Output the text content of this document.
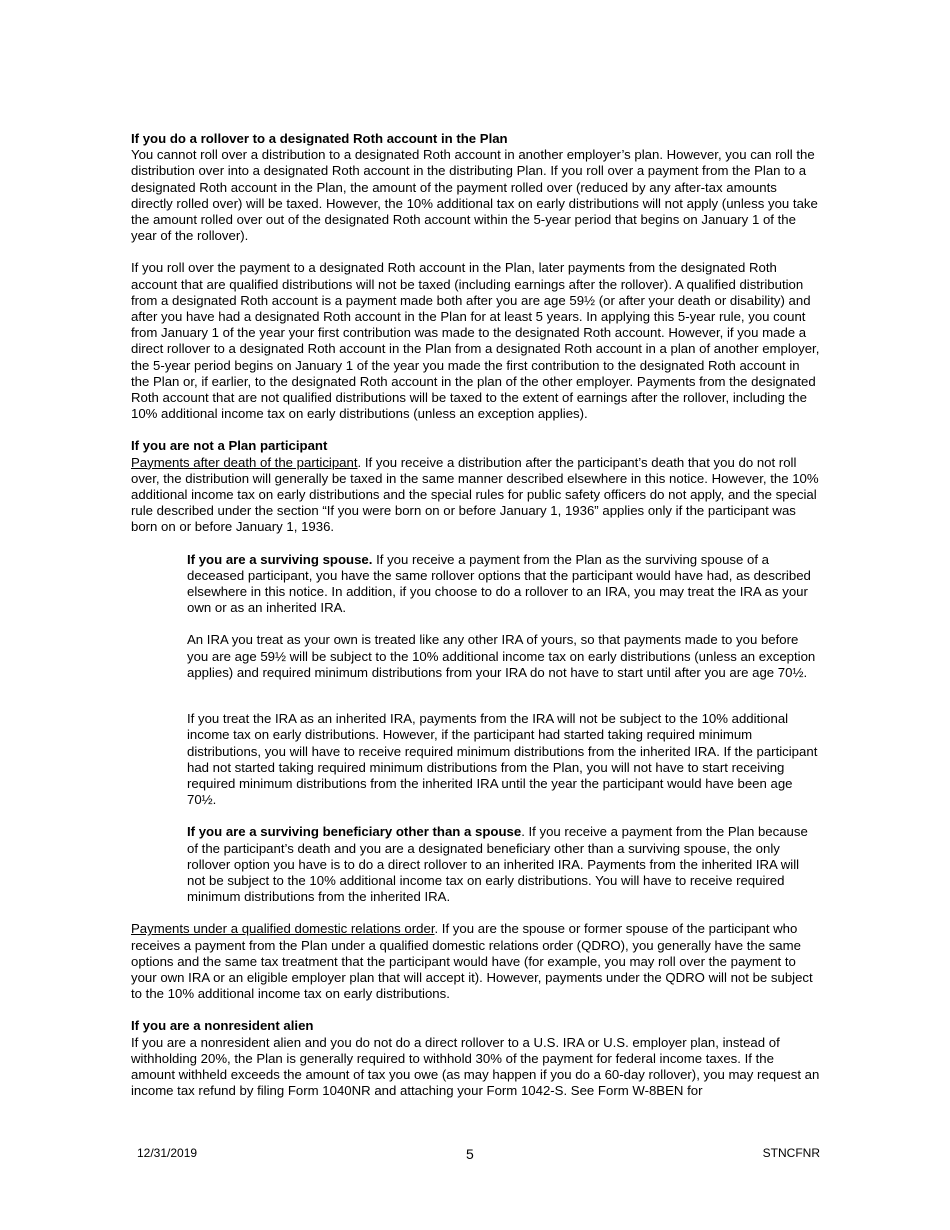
If you do a rollover to a designated Roth account in the Plan

You cannot roll over a distribution to a designated Roth account in another employer’s plan. However, you can roll the distribution over into a designated Roth account in the distributing Plan. If you roll over a payment from the Plan to a designated Roth account in the Plan, the amount of the payment rolled over (reduced by any after-tax amounts directly rolled over) will be taxed. However, the 10% additional tax on early distributions will not apply (unless you take the amount rolled over out of the designated Roth account within the 5-year period that begins on January 1 of the year of the rollover).

If you roll over the payment to a designated Roth account in the Plan, later payments from the designated Roth account that are qualified distributions will not be taxed (including earnings after the rollover). A qualified distribution from a designated Roth account is a payment made both after you are age 59½ (or after your death or disability) and after you have had a designated Roth account in the Plan for at least 5 years. In applying this 5-year rule, you count from January 1 of the year your first contribution was made to the designated Roth account. However, if you made a direct rollover to a designated Roth account in the Plan from a designated Roth account in a plan of another employer, the 5-year period begins on January 1 of the year you made the first contribution to the designated Roth account in the Plan or, if earlier, to the designated Roth account in the plan of the other employer. Payments from the designated Roth account that are not qualified distributions will be taxed to the extent of earnings after the rollover, including the 10% additional income tax on early distributions (unless an exception applies).

If you are not a Plan participant

Payments after death of the participant. If you receive a distribution after the participant’s death that you do not roll over, the distribution will generally be taxed in the same manner described elsewhere in this notice. However, the 10% additional income tax on early distributions and the special rules for public safety officers do not apply, and the special rule described under the section “If you were born on or before January 1, 1936” applies only if the participant was born on or before January 1, 1936.

If you are a surviving spouse. If you receive a payment from the Plan as the surviving spouse of a deceased participant, you have the same rollover options that the participant would have had, as described elsewhere in this notice. In addition, if you choose to do a rollover to an IRA, you may treat the IRA as your own or as an inherited IRA.

An IRA you treat as your own is treated like any other IRA of yours, so that payments made to you before you are age 59½ will be subject to the 10% additional income tax on early distributions (unless an exception applies) and required minimum distributions from your IRA do not have to start until after you are age 70½.

If you treat the IRA as an inherited IRA, payments from the IRA will not be subject to the 10% additional income tax on early distributions. However, if the participant had started taking required minimum distributions, you will have to receive required minimum distributions from the inherited IRA. If the participant had not started taking required minimum distributions from the Plan, you will not have to start receiving required minimum distributions from the inherited IRA until the year the participant would have been age 70½.

If you are a surviving beneficiary other than a spouse. If you receive a payment from the Plan because of the participant’s death and you are a designated beneficiary other than a surviving spouse, the only rollover option you have is to do a direct rollover to an inherited IRA. Payments from the inherited IRA will not be subject to the 10% additional income tax on early distributions. You will have to receive required minimum distributions from the inherited IRA.

Payments under a qualified domestic relations order. If you are the spouse or former spouse of the participant who receives a payment from the Plan under a qualified domestic relations order (QDRO), you generally have the same options and the same tax treatment that the participant would have (for example, you may roll over the payment to your own IRA or an eligible employer plan that will accept it). However, payments under the QDRO will not be subject to the 10% additional income tax on early distributions.

If you are a nonresident alien

If you are a nonresident alien and you do not do a direct rollover to a U.S. IRA or U.S. employer plan, instead of withholding 20%, the Plan is generally required to withhold 30% of the payment for federal income taxes. If the amount withheld exceeds the amount of tax you owe (as may happen if you do a 60-day rollover), you may request an income tax refund by filing Form 1040NR and attaching your Form 1042-S. See Form W-8BEN for

12/31/2019	5	STNCFNR
